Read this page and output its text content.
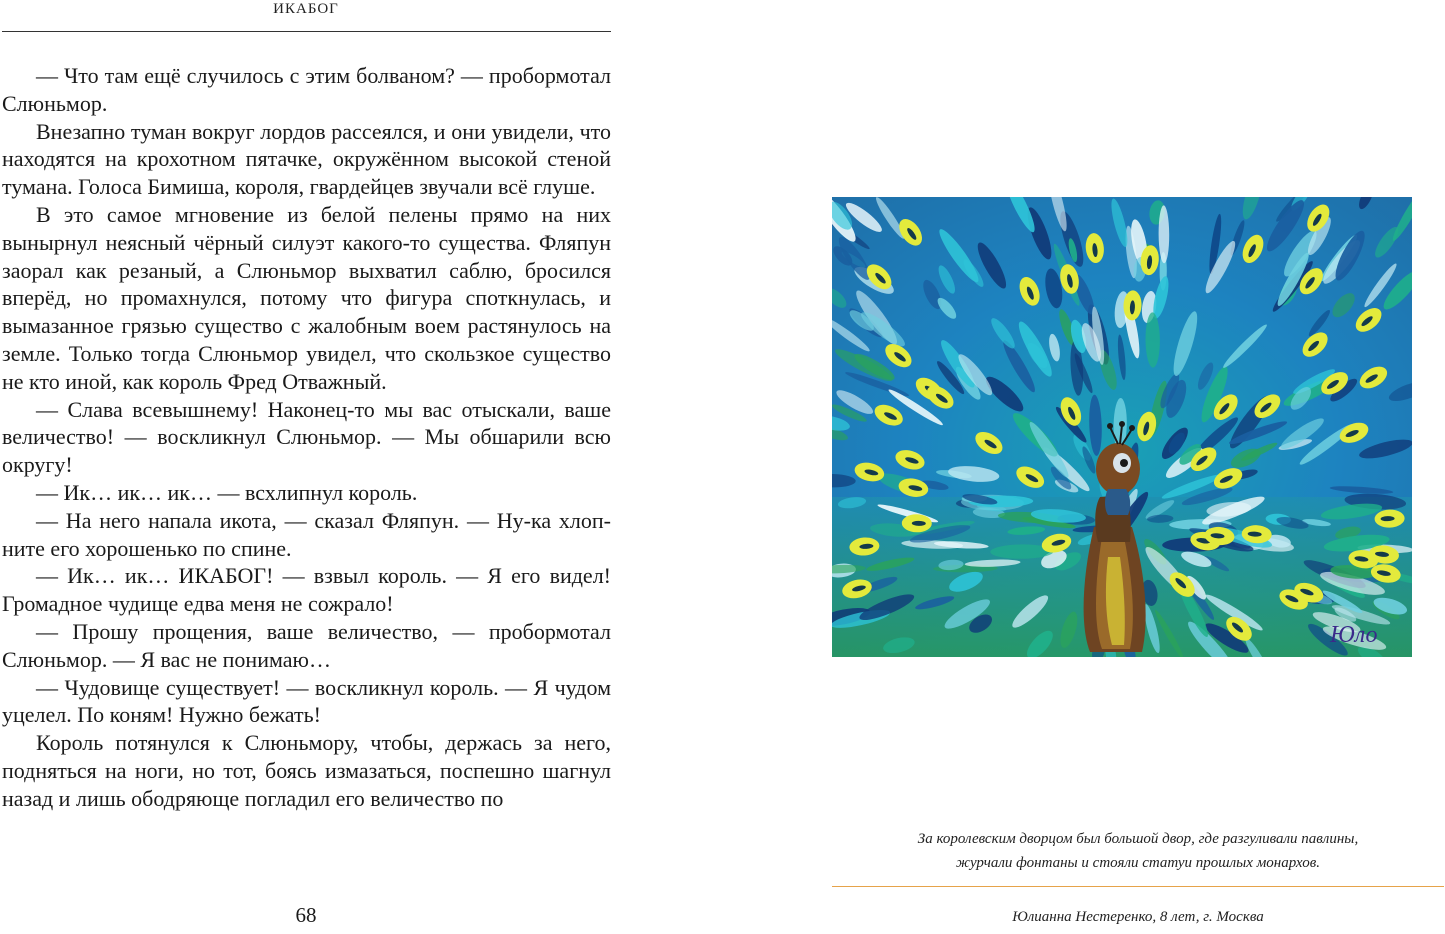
ИКАБОГ

— Что там ещё случилось с этим болваном? — пробормотал Слюньмор.

Внезапно туман вокруг лордов рассеялся, и они увидели, что находятся на крохотном пятачке, окружённом высокой стеной тумана. Голоса Бимиша, короля, гвардейцев звучали всё глуше.

В это самое мгновение из белой пелены прямо на них вынырнул неясный чёрный силуэт какого-то существа. Фляпун заорал как резаный, а Слюньмор выхватил саблю, бросился вперёд, но промахнулся, потому что фигура споткнулась, и вымазанное грязью существо с жалобным воем растянулось на земле. Только тогда Слюньмор увидел, что скользкое существо не кто иной, как король Фред Отважный.

— Слава всевышнему! Наконец-то мы вас отыскали, ваше величество! — воскликнул Слюньмор. — Мы обшарили всю округу!

— Ик… ик… ик… — всхлипнул король.

— На него напала икота, — сказал Фляпун. — Ну-ка хлопните его хорошенько по спине.

— Ик… ик… ИКАБОГ! — взвыл король. — Я его видел! Громадное чудище едва меня не сожрало!

— Прошу прощения, ваше величество, — пробормотал Слюньмор. — Я вас не понимаю…

— Чудовище существует! — воскликнул король. — Я чудом уцелел. По коням! Нужно бежать!

Король потянулся к Слюньмору, чтобы, держась за него, подняться на ноги, но тот, боясь измазаться, поспешно шагнул назад и лишь ободряюще погладил его величество по

68
Юло
За королевским дворцом был большой двор, где разгуливали павлины,
журчали фонтаны и стояли статуи прошлых монархов.
Юлианна Нестеренко, 8 лет, г. Москва
